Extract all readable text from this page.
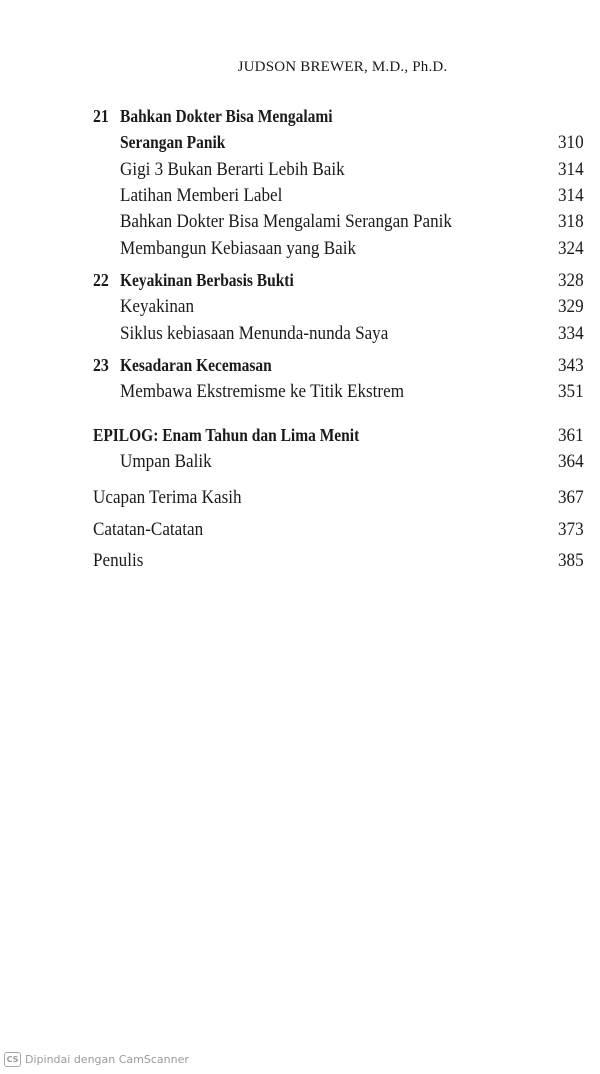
JUDSON BREWER, M.D., Ph.D.
21 Bahkan Dokter Bisa Mengalami
Serangan Panik	310
Gigi 3 Bukan Berarti Lebih Baik	314
Latihan Memberi Label	314
Bahkan Dokter Bisa Mengalami Serangan Panik	318
Membangun Kebiasaan yang Baik	324
22 Keyakinan Berbasis Bukti	328
Keyakinan	329
Siklus kebiasaan Menunda-nunda Saya	334
23 Kesadaran Kecemasan	343
Membawa Ekstremisme ke Titik Ekstrem	351
EPILOG: Enam Tahun dan Lima Menit	361
Umpan Balik	364
Ucapan Terima Kasih	367
Catatan-Catatan	373
Penulis	385
CS Dipindai dengan CamScanner
